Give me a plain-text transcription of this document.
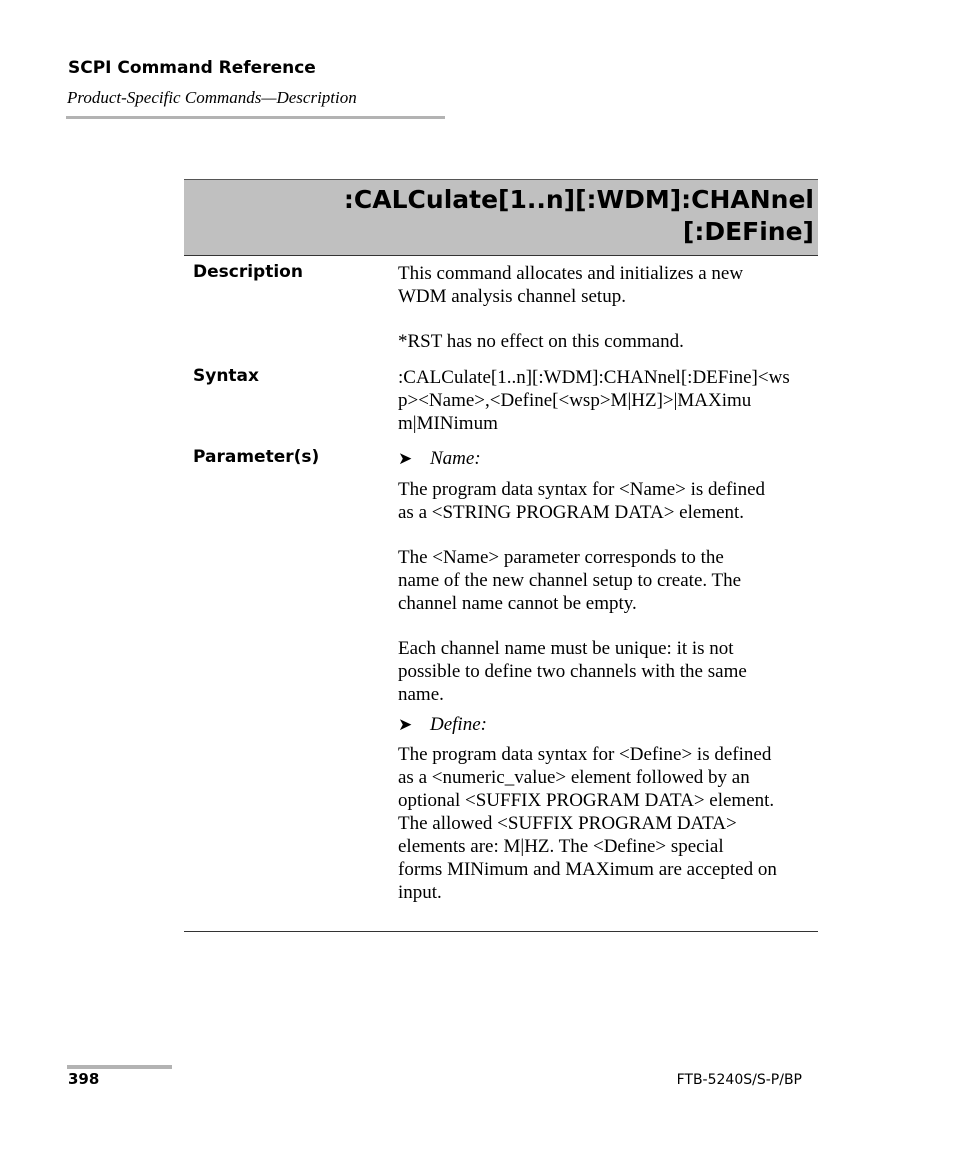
SCPI Command Reference
Product-Specific Commands—Description
:CALCulate[1..n][:WDM]:CHANnel
[:DEFine]
Description	This command allocates and initializes a new
WDM analysis channel setup.
*RST has no effect on this command.
Syntax	:CALCulate[1..n][:WDM]:CHANnel[:DEFine]<ws
p><Name>,<Define[<wsp>M|HZ]>|MAXimu
m|MINimum
Parameter(s)	➤ Name:
The program data syntax for <Name> is defined
as a <STRING PROGRAM DATA> element.
The <Name> parameter corresponds to the
name of the new channel setup to create. The
channel name cannot be empty.
Each channel name must be unique: it is not
possible to define two channels with the same
name.
➤ Define:
The program data syntax for <Define> is defined
as a <numeric_value> element followed by an
optional <SUFFIX PROGRAM DATA> element.
The allowed <SUFFIX PROGRAM DATA>
elements are: M|HZ. The <Define> special
forms MINimum and MAXimum are accepted on
input.
398	FTB-5240S/S-P/BP
